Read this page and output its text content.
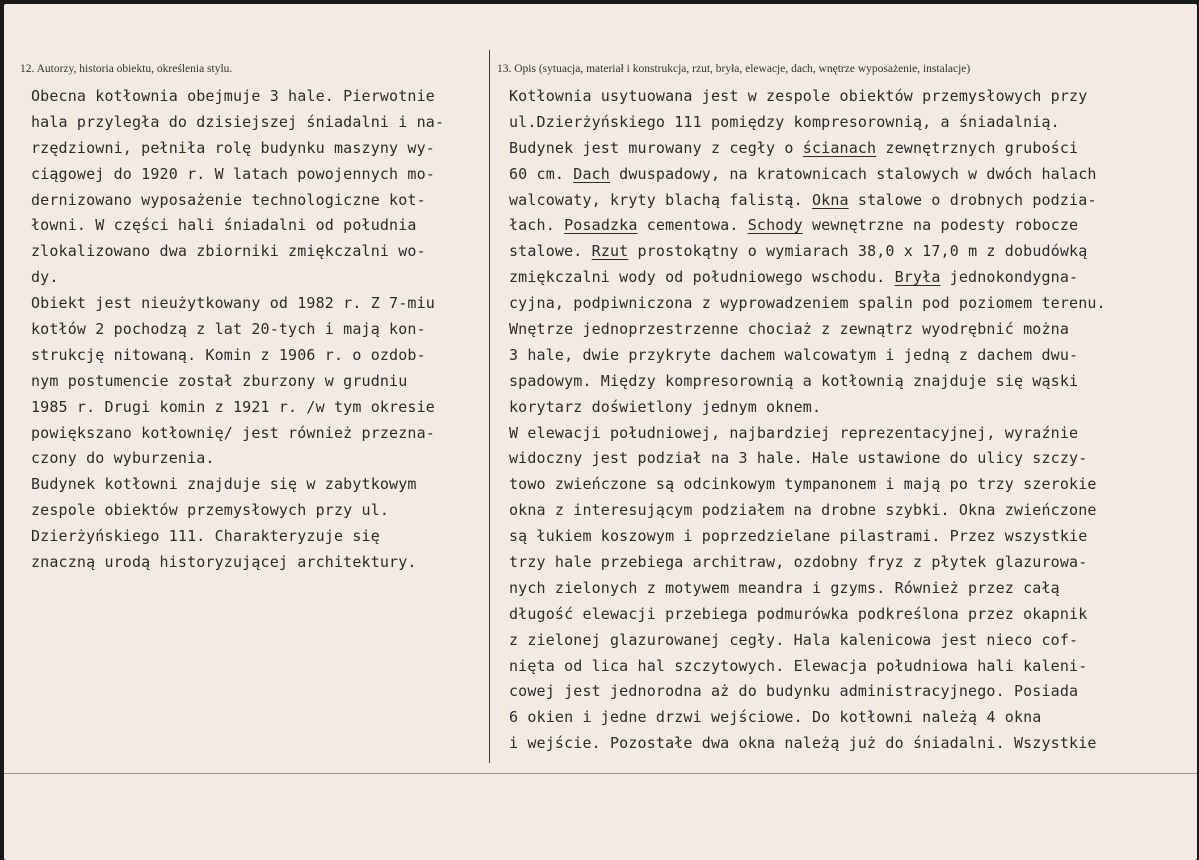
12. Autorzy, historia obiektu, określenia stylu.	13. Opis (sytuacja, materiał i konstrukcja, rzut, bryła, elewacje, dach, wnętrze wyposażenie, instalacje)
Obecna kotłownia obejmuje 3 hale. Pierwotnie
hala przyległa do dzisiejszej śniadalni i na-
rzędziowni, pełniła rolę budynku maszyny wy-
ciągowej do 1920 r. W latach powojennych mo-
dernizowano wyposażenie technologiczne kot-
łowni. W części hali śniadalni od południa
zlokalizowano dwa zbiorniki zmiękczalni wo-
dy.
Obiekt jest nieużytkowany od 1982 r. Z 7-miu
kotłów 2 pochodzą z lat 20-tych i mają kon-
strukcję nitowaną. Komin z 1906 r. o ozdob-
nym postumencie został zburzony w grudniu
1985 r. Drugi komin z 1921 r. /w tym okresie
powiększano kotłownię/ jest również przezna-
czony do wyburzenia.
Budynek kotłowni znajduje się w zabytkowym
zespole obiektów przemysłowych przy ul.
Dzierżyńskiego 111. Charakteryzuje się
znaczną urodą historyzującej architektury.
Kotłownia usytuowana jest w zespole obiektów przemysłowych przy
ul.Dzierżyńskiego 111 pomiędzy kompresorownią, a śniadalnią.
Budynek jest murowany z cegły o ścianach zewnętrznych grubości
60 cm. Dach dwuspadowy, na kratownicach stalowych w dwóch halach
walcowaty, kryty blachą falistą. Okna stalowe o drobnych podzia-
łach. Posadzka cementowa. Schody wewnętrzne na podesty robocze
stalowe. Rzut prostokątny o wymiarach 38,0 x 17,0 m z dobudówką
zmiękczalni wody od południowego wschodu. Bryła jednokondygna-
cyjna, podpiwniczona z wyprowadzeniem spalin pod poziomem terenu.
Wnętrze jednoprzestrzenne chociaż z zewnątrz wyodrębnić można
3 hale, dwie przykryte dachem walcowatym i jedną z dachem dwu-
spadowym. Między kompresorownią a kotłownią znajduje się wąski
korytarz doświetlony jednym oknem.
W elewacji południowej, najbardziej reprezentacyjnej, wyraźnie
widoczny jest podział na 3 hale. Hale ustawione do ulicy szczy-
towo zwieńczone są odcinkowym tympanonem i mają po trzy szerokie
okna z interesującym podziałem na drobne szybki. Okna zwieńczone
są łukiem koszowym i poprzedzielane pilastrami. Przez wszystkie
trzy hale przebiega architraw, ozdobny fryz z płytek glazurowa-
nych zielonych z motywem meandra i gzyms. Również przez całą
długość elewacji przebiega podmurówka podkreślona przez okapnik
z zielonej glazurowanej cegły. Hala kalenicowa jest nieco cof-
nięta od lica hal szczytowych. Elewacja południowa hali kaleni-
cowej jest jednorodna aż do budynku administracyjnego. Posiada
6 okien i jedne drzwi wejściowe. Do kotłowni należą 4 okna
i wejście. Pozostałe dwa okna należą już do śniadalni. Wszystkie
